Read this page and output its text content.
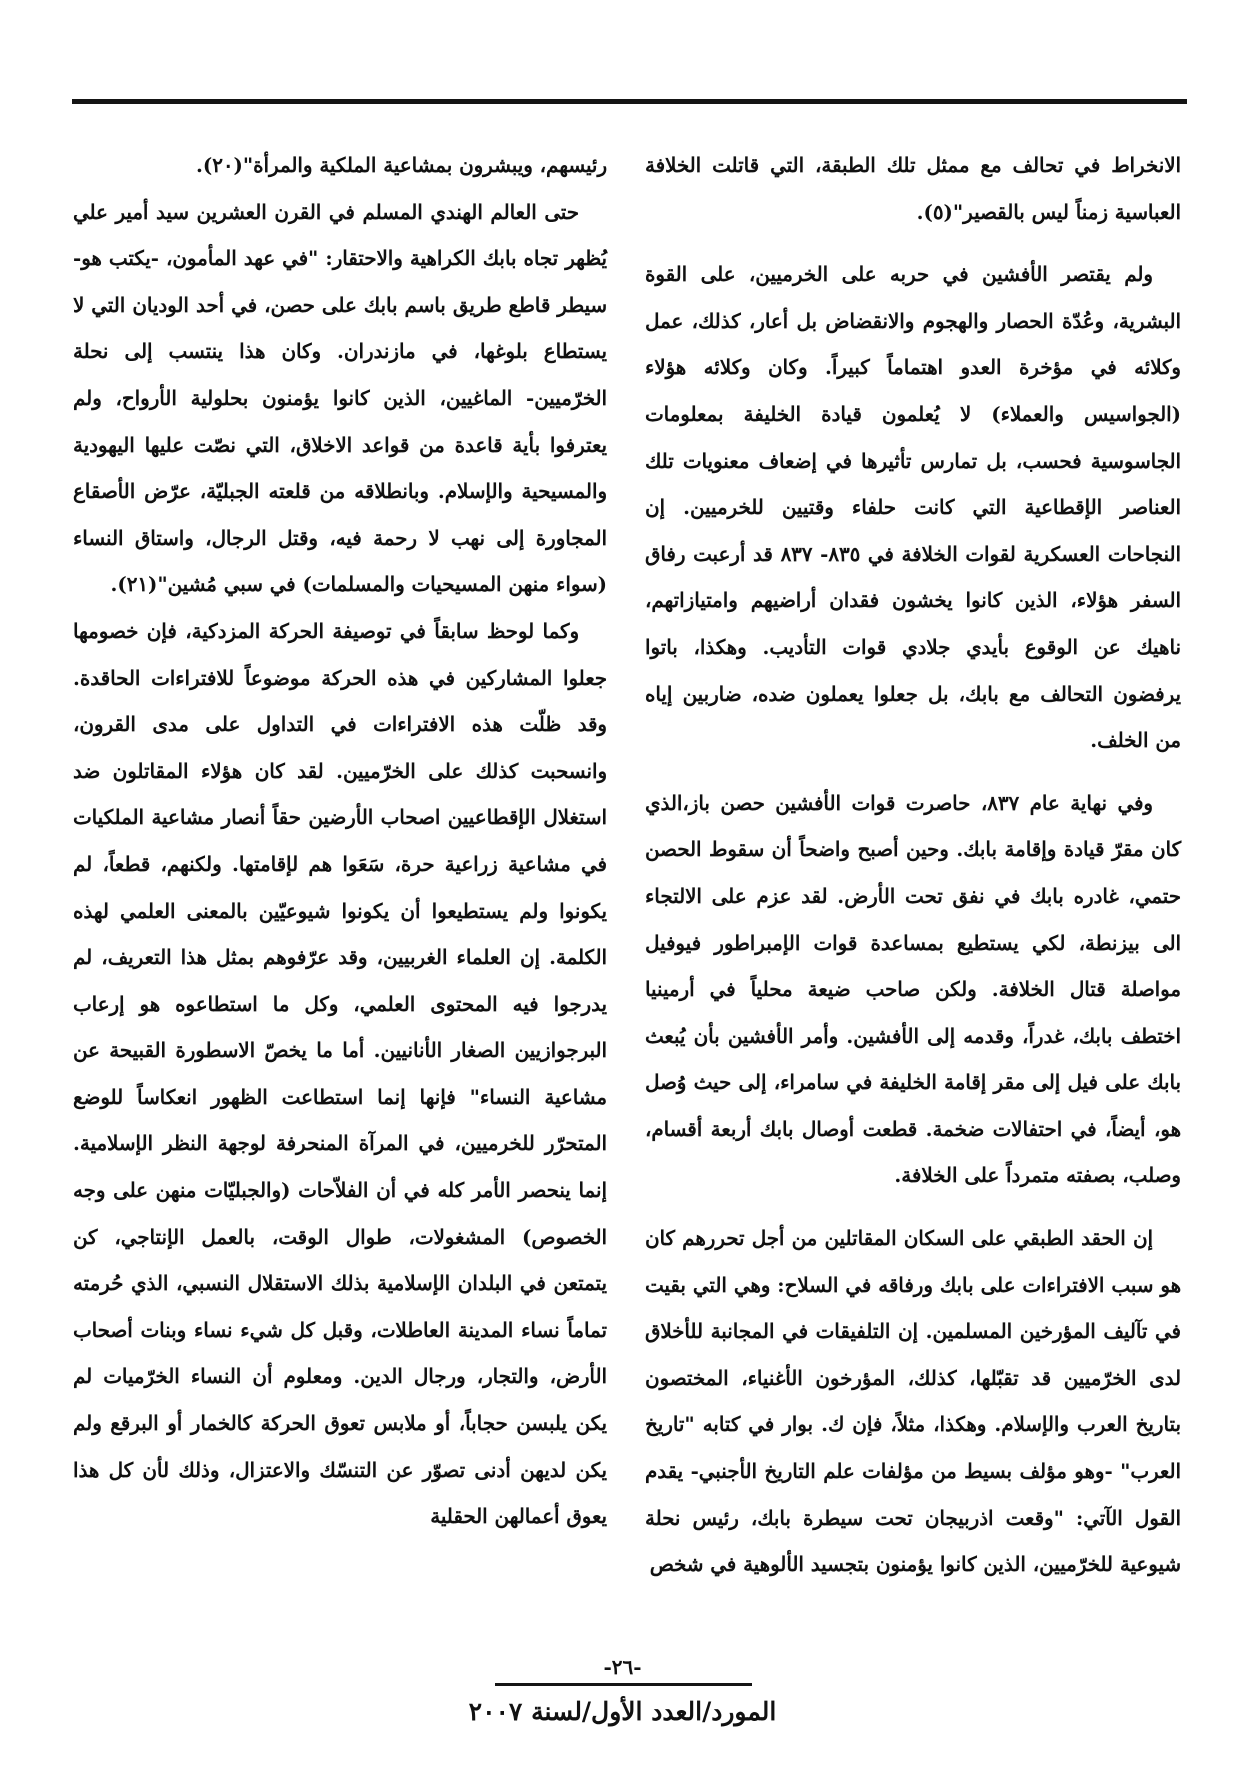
الانخراط في تحالف مع ممثل تلك الطبقة، التي قاتلت الخلافة العباسية زمناً ليس بالقصير"(٥).

ولم يقتصر الأفشين في حربه على الخرميين، على القوة البشرية، وعُدّة الحصار والهجوم والانقضاض بل أعار، كذلك، عمل وكلائه في مؤخرة العدو اهتماماً كبيراً. وكان وكلائه هؤلاء (الجواسيس والعملاء) لا يُعلمون قيادة الخليفة بمعلومات الجاسوسية فحسب، بل تمارس تأثيرها في إضعاف معنويات تلك العناصر الإقطاعية التي كانت حلفاء وقتيين للخرميين. إن النجاحات العسكرية لقوات الخلافة في ٨٣٥- ٨٣٧ قد أرعبت رفاق السفر هؤلاء، الذين كانوا يخشون فقدان أراضيهم وامتيازاتهم، ناهيك عن الوقوع بأيدي جلادي قوات التأديب. وهكذا، باتوا يرفضون التحالف مع بابك، بل جعلوا يعملون ضده، ضاربين إياه من الخلف.

وفي نهاية عام ٨٣٧، حاصرت قوات الأفشين حصن باز،الذي كان مقرّ قيادة وإقامة بابك. وحين أصبح واضحاً أن سقوط الحصن حتمي، غادره بابك في نفق تحت الأرض. لقد عزم على الالتجاء الى بيزنطة، لكي يستطيع بمساعدة قوات الإمبراطور فيوفيل مواصلة قتال الخلافة. ولكن صاحب ضيعة محلياً في أرمينيا اختطف بابك، غدراً، وقدمه إلى الأفشين. وأمر الأفشين بأن يُبعث بابك على فيل إلى مقر إقامة الخليفة في سامراء، إلى حيث وُصل هو، أيضاً، في احتفالات ضخمة. قطعت أوصال بابك أربعة أقسام، وصلب، بصفته متمرداً على الخلافة.

إن الحقد الطبقي على السكان المقاتلين من أجل تحررهم كان هو سبب الافتراءات على بابك ورفاقه في السلاح: وهي التي بقيت في تآليف المؤرخين المسلمين. إن التلفيقات في المجانبة للأخلاق لدى الخرّميين قد تقبّلها، كذلك، المؤرخون الأغنياء، المختصون بتاريخ العرب والإسلام. وهكذا، مثلاً، فإن ك. بوار في كتابه "تاريخ العرب" -وهو مؤلف بسيط من مؤلفات علم التاريخ الأجنبي- يقدم القول الآتي: "وقعت اذربيجان تحت سيطرة بابك، رئيس نحلة شيوعية للخرّميين، الذين كانوا يؤمنون بتجسيد الألوهية في شخص

رئيسهم، ويبشرون بمشاعية الملكية والمرأة"(٢٠).

حتى العالم الهندي المسلم في القرن العشرين سيد أمير علي يُظهر تجاه بابك الكراهية والاحتقار: "في عهد المأمون، -يكتب هو- سيطر قاطع طريق باسم بابك على حصن، في أحد الوديان التي لا يستطاع بلوغها، في مازندران. وكان هذا ينتسب إلى نحلة الخرّميين- الماغيين، الذين كانوا يؤمنون بحلولية الأرواح، ولم يعترفوا بأية قاعدة من قواعد الاخلاق، التي نصّت عليها اليهودية والمسيحية والإسلام. وبانطلاقه من قلعته الجبليّة، عرّض الأصقاع المجاورة إلى نهب لا رحمة فيه، وقتل الرجال، واستاق النساء (سواء منهن المسيحيات والمسلمات) في سبي مُشين"(٢١).

وكما لوحظ سابقاً في توصيفة الحركة المزدكية، فإن خصومها جعلوا المشاركين في هذه الحركة موضوعاً للافتراءات الحاقدة. وقد ظلّت هذه الافتراءات في التداول على مدى القرون، وانسحبت كذلك على الخرّميين. لقد كان هؤلاء المقاتلون ضد استغلال الإقطاعيين اصحاب الأرضين حقاً أنصار مشاعية الملكيات في مشاعية زراعية حرة، سَعَوا هم لإقامتها. ولكنهم، قطعاً، لم يكونوا ولم يستطيعوا أن يكونوا شيوعيّين بالمعنى العلمي لهذه الكلمة. إن العلماء الغربيين، وقد عرّفوهم بمثل هذا التعريف، لم يدرجوا فيه المحتوى العلمي، وكل ما استطاعوه هو إرعاب البرجوازيين الصغار الأنانيين. أما ما يخصّ الاسطورة القبيحة عن مشاعية النساء" فإنها إنما استطاعت الظهور انعكاساً للوضع المتحرّر للخرميين، في المرآة المنحرفة لوجهة النظر الإسلامية. إنما ينحصر الأمر كله في أن الفلاّحات (والجبليّات منهن على وجه الخصوص) المشغولات، طوال الوقت، بالعمل الإنتاجي، كن يتمتعن في البلدان الإسلامية بذلك الاستقلال النسبي، الذي حُرمته تماماً نساء المدينة العاطلات، وقبل كل شيء نساء وبنات أصحاب الأرض، والتجار، ورجال الدين. ومعلوم أن النساء الخرّميات لم يكن يلبسن حجاباً، أو ملابس تعوق الحركة كالخمار أو البرقع ولم يكن لديهن أدنى تصوّر عن التنسّك والاعتزال، وذلك لأن كل هذا يعوق أعمالهن الحقلية

-٢٦-
المورد/العدد الأول/لسنة ٢٠٠٧
